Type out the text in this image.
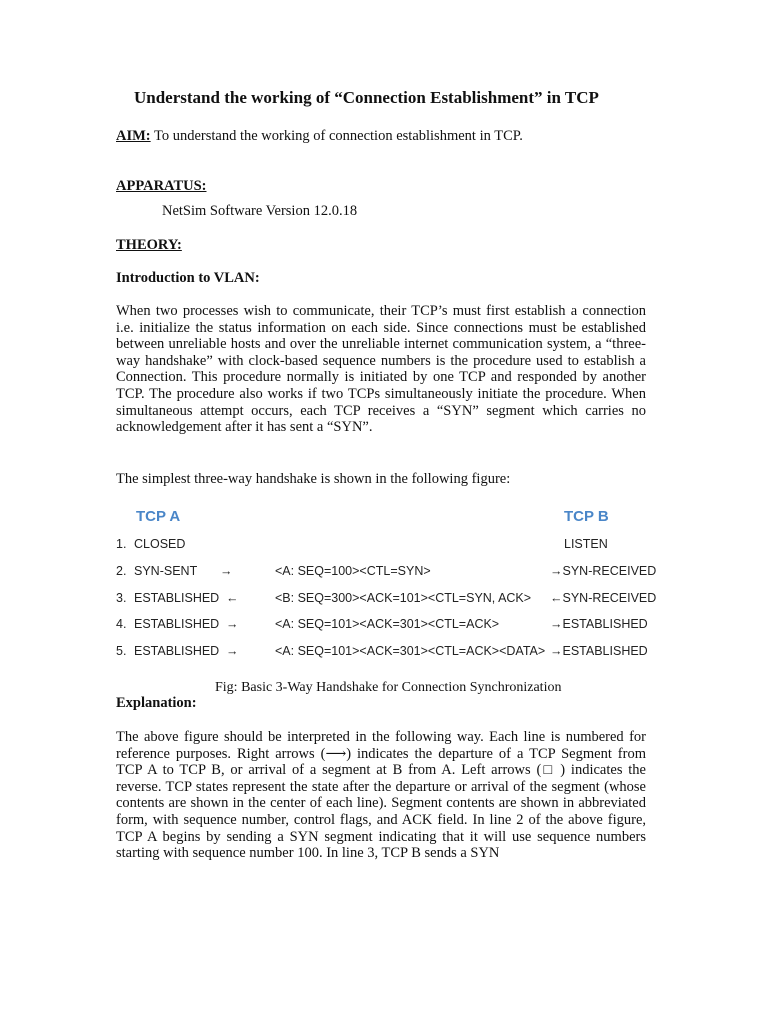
Understand the working of “Connection Establishment” in TCP
AIM: To understand the working of connection establishment in TCP.
APPARATUS:
NetSim Software Version 12.0.18
THEORY:
Introduction to VLAN:
When two processes wish to communicate, their TCP’s must first establish a connection i.e. initialize the status information on each side. Since connections must be established between unreliable hosts and over the unreliable internet communication system, a “three-way handshake” with clock-based sequence numbers is the procedure used to establish a Connection. This procedure normally is initiated by one TCP and responded by another TCP. The procedure also works if two TCPs simultaneously initiate the procedure. When simultaneous attempt occurs, each TCP receives a “SYN” segment which carries no acknowledgement after it has sent a “SYN”.
The simplest three-way handshake is shown in the following figure:
TCP A	TCP B
1. CLOSED	LISTEN
2. SYN-SENT →	<A: SEQ=100><CTL=SYN>	→SYN-RECEIVED
3. ESTABLISHED ←	<B: SEQ=300><ACK=101><CTL=SYN, ACK> ←SYN-RECEIVED
4. ESTABLISHED →	<A: SEQ=101><ACK=301><CTL=ACK>	→ESTABLISHED
5. ESTABLISHED →	<A: SEQ=101><ACK=301><CTL=ACK><DATA> →ESTABLISHED
Fig: Basic 3-Way Handshake for Connection Synchronization
Explanation:
The above figure should be interpreted in the following way. Each line is numbered for reference purposes. Right arrows (⟶) indicates the departure of a TCP Segment from TCP A to TCP B, or arrival of a segment at B from A. Left arrows (□ ) indicates the reverse. TCP states represent the state after the departure or arrival of the segment (whose contents are shown in the center of each line). Segment contents are shown in abbreviated form, with sequence number, control flags, and ACK field. In line 2 of the above figure, TCP A begins by sending a SYN segment indicating that it will use sequence numbers starting with sequence number 100. In line 3, TCP B sends a SYN
